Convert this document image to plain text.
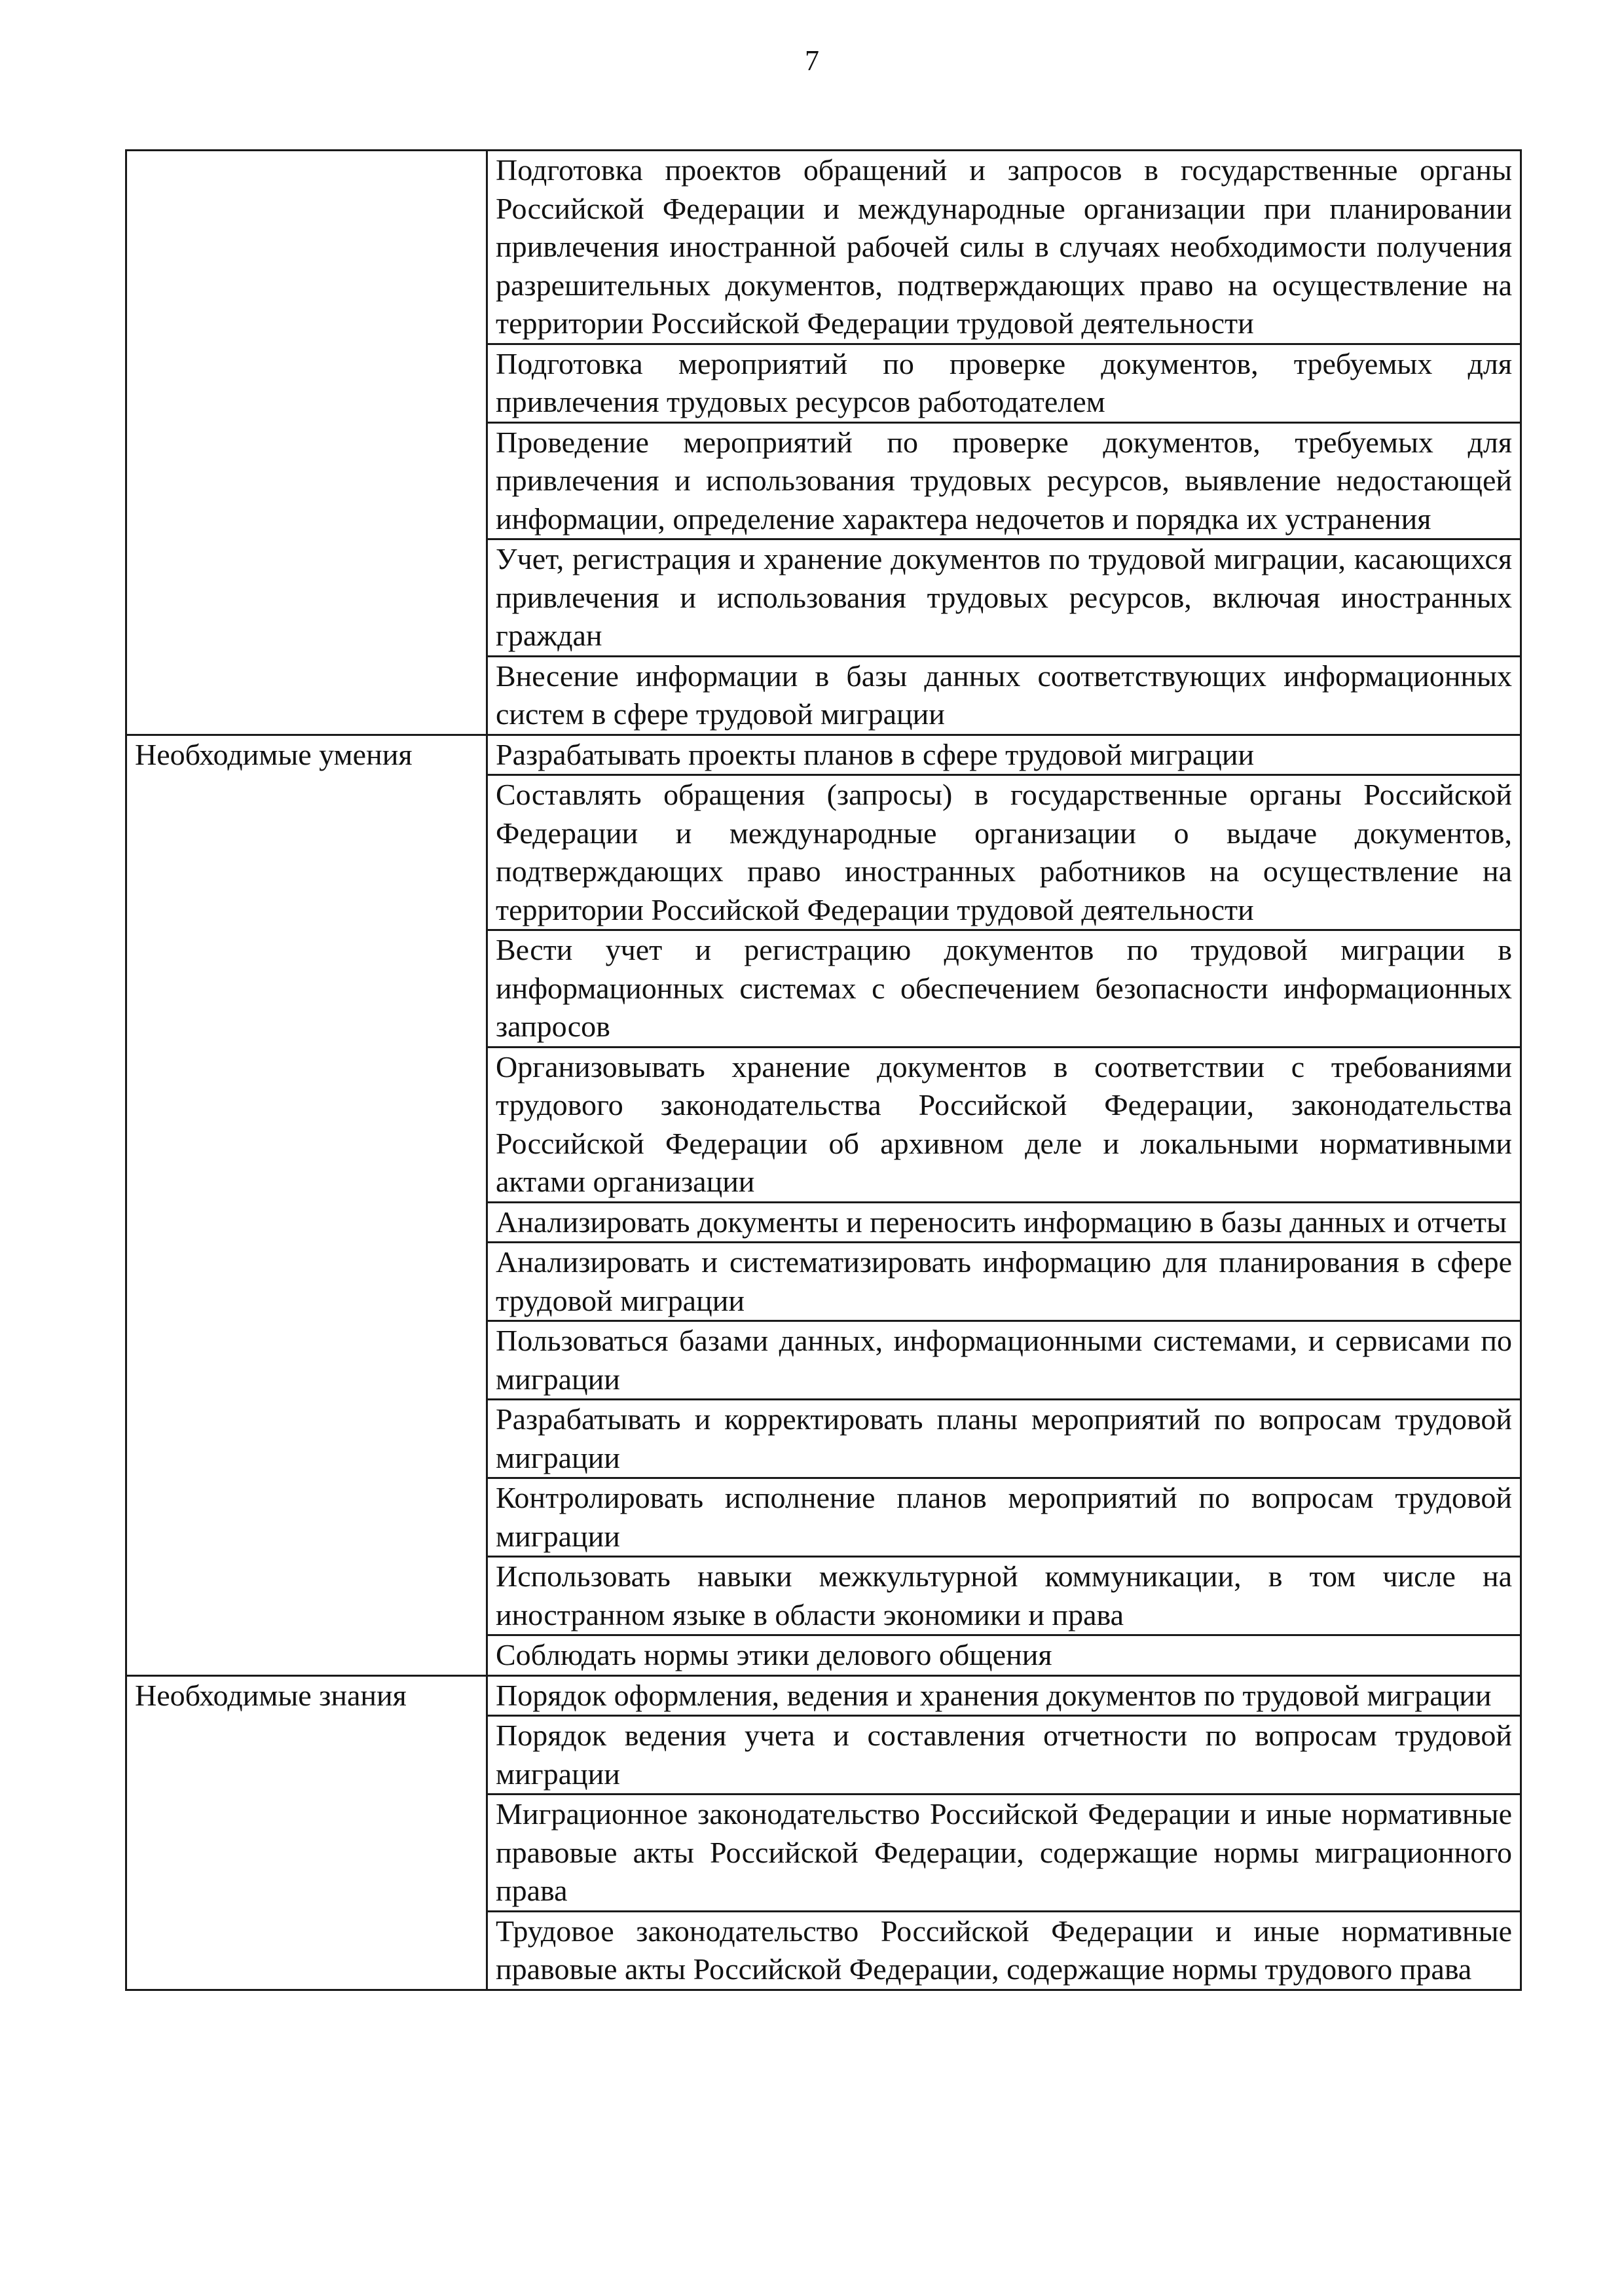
7
	Подготовка проектов обращений и запросов в государственные органы Российской Федерации и международные организации при планировании привлечения иностранной рабочей силы в случаях необходимости получения разрешительных документов, подтверждающих право на осуществление на территории Российской Федерации трудовой деятельности
	Подготовка мероприятий по проверке документов, требуемых для привлечения трудовых ресурсов работодателем
	Проведение мероприятий по проверке документов, требуемых для привлечения и использования трудовых ресурсов, выявление недостающей информации, определение характера недочетов и порядка их устранения
	Учет, регистрация и хранение документов по трудовой миграции, касающихся привлечения и использования трудовых ресурсов, включая иностранных граждан
	Внесение информации в базы данных соответствующих информационных систем в сфере трудовой миграции
Необходимые умения	Разрабатывать проекты планов в сфере трудовой миграции
	Составлять обращения (запросы) в государственные органы Российской Федерации и международные организации о выдаче документов, подтверждающих право иностранных работников на осуществление на территории Российской Федерации трудовой деятельности
	Вести учет и регистрацию документов по трудовой миграции в информационных системах с обеспечением безопасности информационных запросов
	Организовывать хранение документов в соответствии с требованиями трудового законодательства Российской Федерации, законодательства Российской Федерации об архивном деле и локальными нормативными актами организации
	Анализировать документы и переносить информацию в базы данных и отчеты
	Анализировать и систематизировать информацию для планирования в сфере трудовой миграции
	Пользоваться базами данных, информационными системами, и сервисами по миграции
	Разрабатывать и корректировать планы мероприятий по вопросам трудовой миграции
	Контролировать исполнение планов мероприятий по вопросам трудовой миграции
	Использовать навыки межкультурной коммуникации, в том числе на иностранном языке в области экономики и права
	Соблюдать нормы этики делового общения
Необходимые знания	Порядок оформления, ведения и хранения документов по трудовой миграции
	Порядок ведения учета и составления отчетности по вопросам трудовой миграции
	Миграционное законодательство Российской Федерации и иные нормативные правовые акты Российской Федерации, содержащие нормы миграционного права
	Трудовое законодательство Российской Федерации и иные нормативные правовые акты Российской Федерации, содержащие нормы трудового права
